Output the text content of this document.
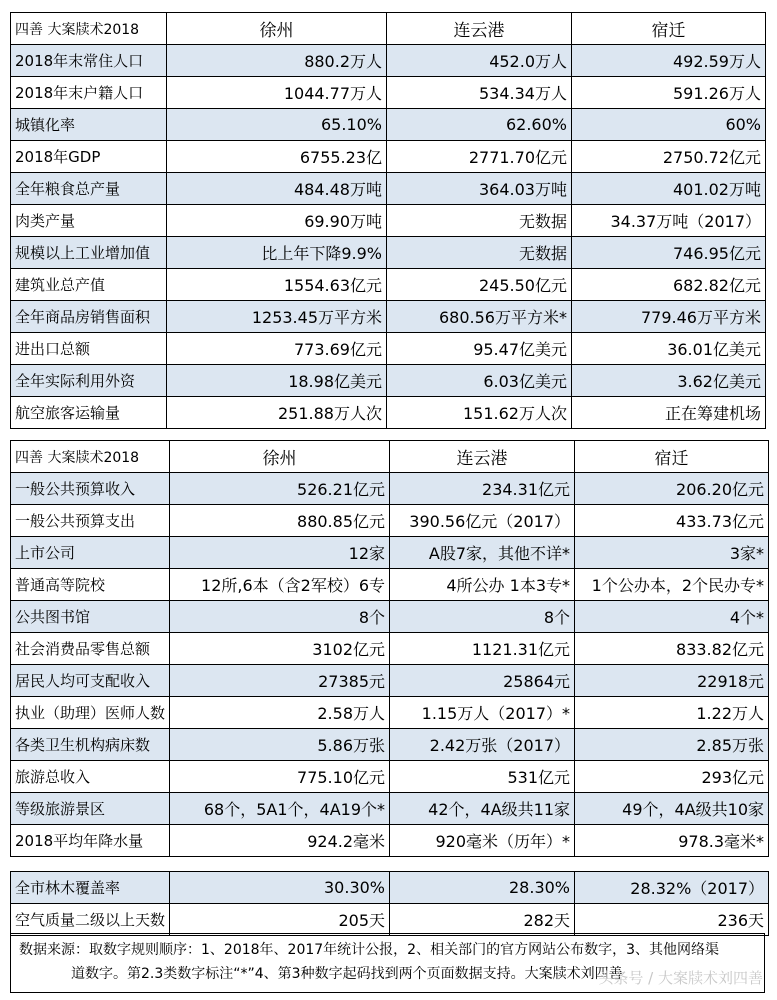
四善 大案牍术2018	徐州	连云港	宿迁
2018年末常住人口	880.2万人	452.0万人	492.59万人
2018年末户籍人口	1044.77万人	534.34万人	591.26万人
城镇化率	65.10%	62.60%	60%
2018年GDP	6755.23亿	2771.70亿元	2750.72亿元
全年粮食总产量	484.48万吨	364.03万吨	401.02万吨
肉类产量	69.90万吨	无数据	34.37万吨（2017）
规模以上工业增加值	比上年下降9.9%	无数据	746.95亿元
建筑业总产值	1554.63亿元	245.50亿元	682.82亿元
全年商品房销售面积	1253.45万平方米	680.56万平方米*	779.46万平方米
进出口总额	773.69亿元	95.47亿美元	36.01亿美元
全年实际利用外资	18.98亿美元	6.03亿美元	3.62亿美元
航空旅客运输量	251.88万人次	151.62万人次	正在筹建机场
四善 大案牍术2018	徐州	连云港	宿迁
一般公共预算收入	526.21亿元	234.31亿元	206.20亿元
一般公共预算支出	880.85亿元	390.56亿元（2017）	433.73亿元
上市公司	12家	A股7家，其他不详*	3家*
普通高等院校	12所,6本（含2军校）6专	4所公办 1本3专*	1个公办本，2个民办专*
公共图书馆	8个	8个	4个*
社会消费品零售总额	3102亿元	1121.31亿元	833.82亿元
居民人均可支配收入	27385元	25864元	22918元
执业（助理）医师人数	2.58万人	1.15万人（2017）*	1.22万人
各类卫生机构病床数	5.86万张	2.42万张（2017）	2.85万张
旅游总收入	775.10亿元	531亿元	293亿元
等级旅游景区	68个，5A1个，4A19个*	42个，4A级共11家	49个，4A级共10家
2018平均年降水量	924.2毫米	920毫米（历年）*	978.3毫米*
全市林木覆盖率	30.30%	28.30%	28.32%（2017）
空气质量二级以上天数	205天	282天	236天
数据来源：取数字规则顺序：1、2018年、2017年统计公报，2、相关部门的官方网站公布数字，3、其他网络渠
道数字。第2.3类数字标注“*”4、第3种数字起码找到两个页面数据支持。大案牍术刘四善
头条号 / 大案牍术刘四善
